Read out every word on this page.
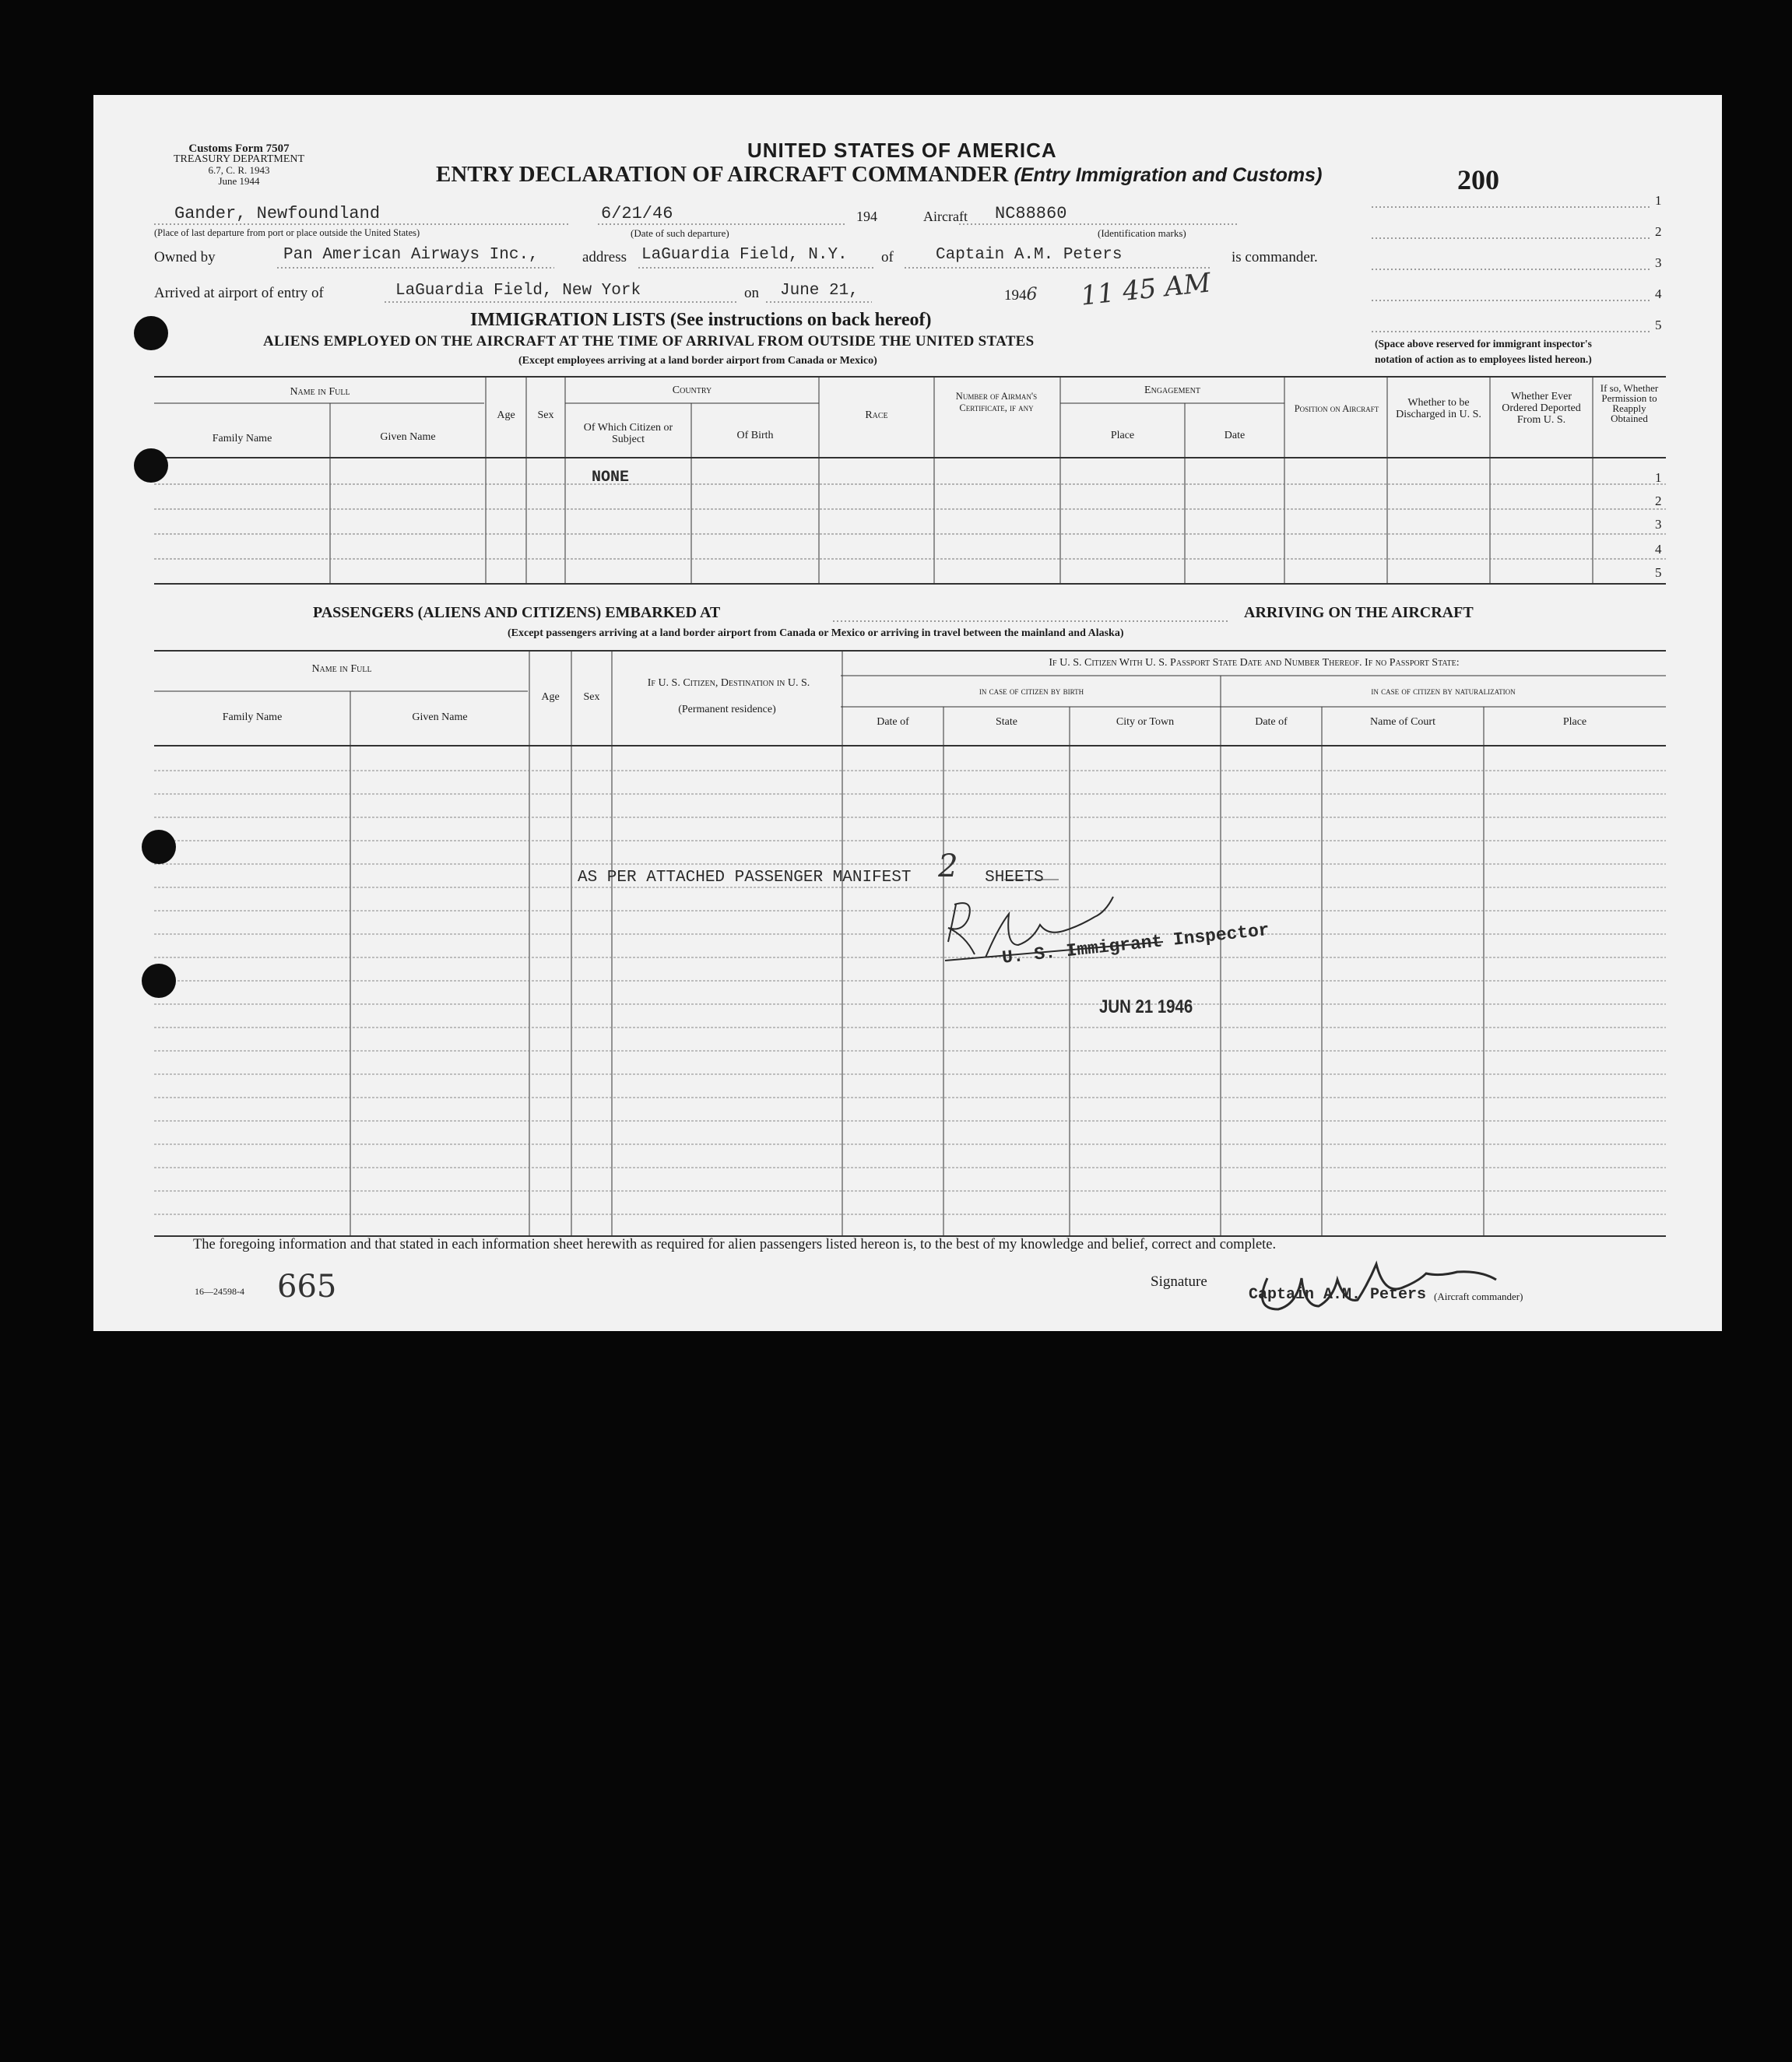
Customs Form 7507
TREASURY DEPARTMENT
6.7, C. R. 1943
June 1944
UNITED STATES OF AMERICA
ENTRY DECLARATION OF AIRCRAFT COMMANDER (Entry Immigration and Customs)	200
1
2
3
4
5
Gander, Newfoundland
(Place of last departure from port or place outside the United States)
6/21/46
(Date of such departure)
194	Aircraft NC88860
(Identification marks)
Owned by	Pan American Airways Inc.,	address LaGuardia Field, N.Y. of	Captain A.M. Peters	is commander.
Arrived at airport of entry of	LaGuardia Field, New York	on June 21,	1946 11 45 AM
IMMIGRATION LISTS (See instructions on back hereof)
ALIENS EMPLOYED ON THE AIRCRAFT AT THE TIME OF ARRIVAL FROM OUTSIDE THE UNITED STATES
(Except employees arriving at a land border airport from Canada or Mexico)
(Space above reserved for immigrant inspector's
notation of action as to employees listed hereon.)
Name in Full
Family Name	Given Name
Age	Sex
Country
Of Which Citizen or Subject	Of Birth
Race
Number of Airman's Certificate, if any
Engagement
Place	Date
Position on Aircraft	Whether to be Discharged in U. S.
Whether Ever Ordered Deported From U. S.
If so, Whether Permission to Reapply Obtained
NONE	1
2
3
4
5
PASSENGERS (ALIENS AND CITIZENS) EMBARKED AT	ARRIVING ON THE AIRCRAFT
(Except passengers arriving at a land border airport from Canada or Mexico or arriving in travel between the mainland and Alaska)
Name in Full
Family Name	Given Name
Age	Sex
If U. S. Citizen, Destination in U. S.
(Permanent residence)
If U. S. Citizen With U. S. Passport State Date and Number Thereof. If no Passport State:
in case of citizen by birth	in case of citizen by naturalization
Date of	State	City or Town	Date of	Name of Court	Place
AS PER ATTACHED PASSENGER MANIFEST 2 SHEETS
U. S. Immigrant Inspector
JUN 21 1946
The foregoing information and that stated in each information sheet herewith as required for alien passengers listed hereon is, to the best of my knowledge and belief, correct and complete.
16—24598-4 665	Signature
Captain A.M. Peters (Aircraft commander)
